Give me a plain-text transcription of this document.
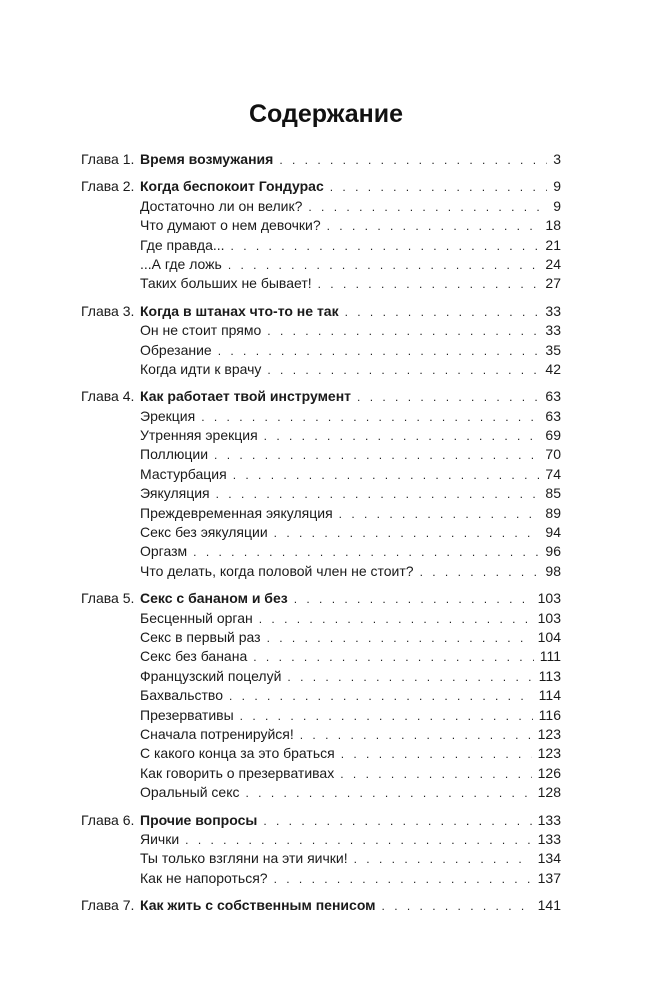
Содержание
Глава 1. Время возмужания . . .	3
Глава 2. Когда беспокоит Гондурас . . .	9
Достаточно ли он велик? . . .	9
Что думают о нем девочки? . . .	18
Где правда... . . .	21
...А где ложь . . .	24
Таких больших не бывает! . . .	27
Глава 3. Когда в штанах что-то не так . . .	33
Он не стоит прямо . . .	33
Обрезание . . .	35
Когда идти к врачу . . .	42
Глава 4. Как работает твой инструмент . . .	63
Эрекция . . .	63
Утренняя эрекция . . .	69
Поллюции . . .	70
Мастурбация . . .	74
Эякуляция . . .	85
Преждевременная эякуляция . . .	89
Секс без эякуляции . . .	94
Оргазм . . .	96
Что делать, когда половой член не стоит? . . .	98
Глава 5. Секс с бананом и без . . .	103
Бесценный орган . . .	103
Секс в первый раз . . .	104
Секс без банана . . .	111
Французский поцелуй . . .	113
Бахвальство . . .	114
Презервативы . . .	116
Сначала потренируйся! . . .	123
С какого конца за это браться . . .	123
Как говорить о презервативах . . .	126
Оральный секс . . .	128
Глава 6. Прочие вопросы . . .	133
Яички . . .	133
Ты только взгляни на эти яички! . . .	134
Как не напороться? . . .	137
Глава 7. Как жить с собственным пенисом . . .	141
